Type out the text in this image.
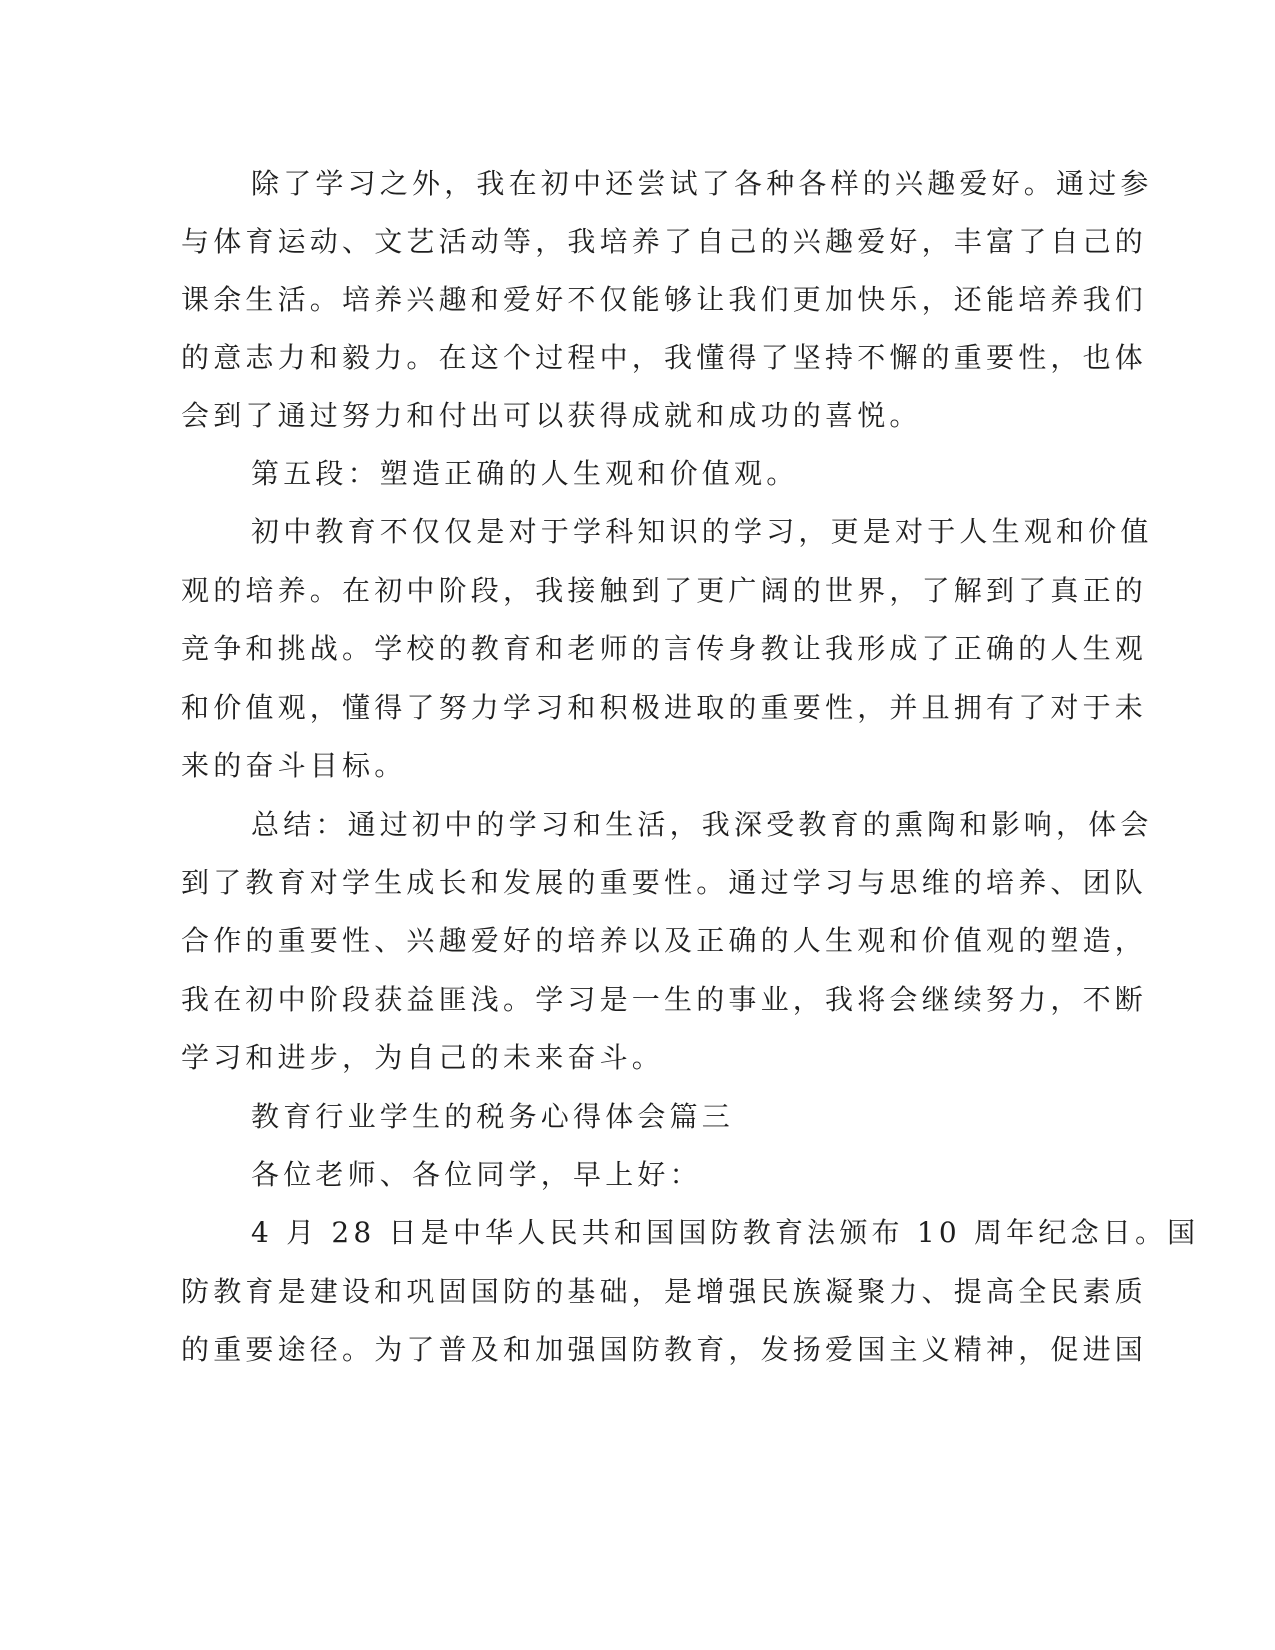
除了学习之外，我在初中还尝试了各种各样的兴趣爱好。通过参
与体育运动、文艺活动等，我培养了自己的兴趣爱好，丰富了自己的
课余生活。培养兴趣和爱好不仅能够让我们更加快乐，还能培养我们
的意志力和毅力。在这个过程中，我懂得了坚持不懈的重要性，也体
会到了通过努力和付出可以获得成就和成功的喜悦。
第五段：塑造正确的人生观和价值观。
初中教育不仅仅是对于学科知识的学习，更是对于人生观和价值
观的培养。在初中阶段，我接触到了更广阔的世界，了解到了真正的
竞争和挑战。学校的教育和老师的言传身教让我形成了正确的人生观
和价值观，懂得了努力学习和积极进取的重要性，并且拥有了对于未
来的奋斗目标。
总结：通过初中的学习和生活，我深受教育的熏陶和影响，体会
到了教育对学生成长和发展的重要性。通过学习与思维的培养、团队
合作的重要性、兴趣爱好的培养以及正确的人生观和价值观的塑造，
我在初中阶段获益匪浅。学习是一生的事业，我将会继续努力，不断
学习和进步，为自己的未来奋斗。
教育行业学生的税务心得体会篇三
各位老师、各位同学，早上好：
4 月 28 日是中华人民共和国国防教育法颁布 10 周年纪念日。国
防教育是建设和巩固国防的基础，是增强民族凝聚力、提高全民素质
的重要途径。为了普及和加强国防教育，发扬爱国主义精神，促进国
